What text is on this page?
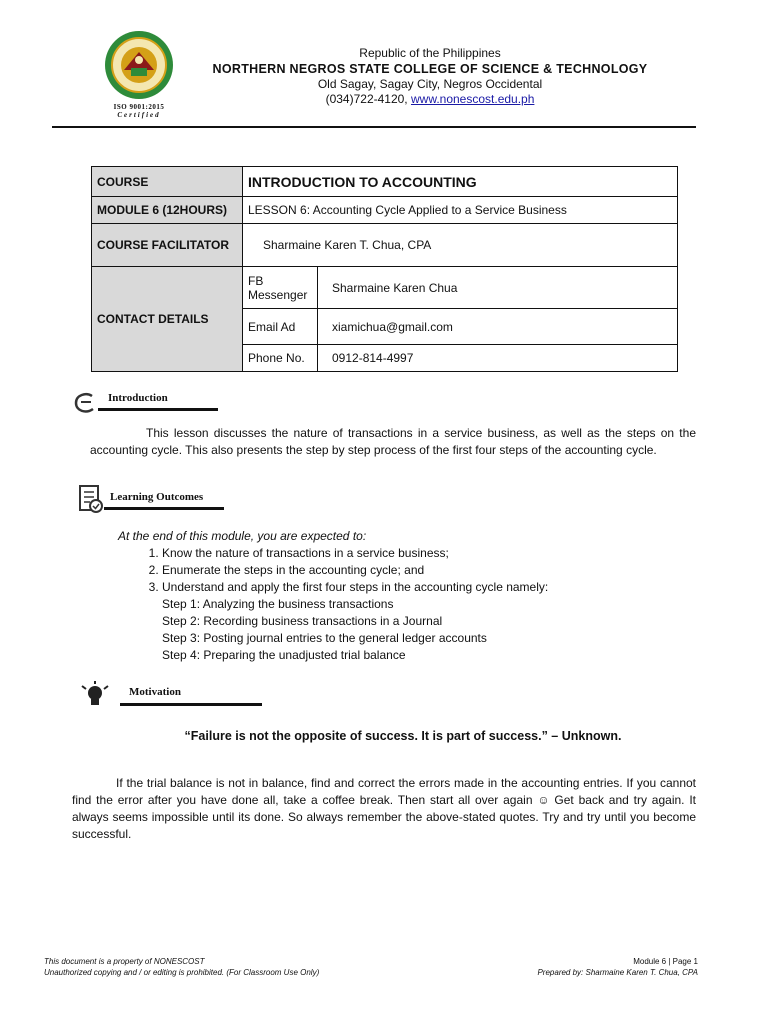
ISO 9001:2015
Certified
Republic of the Philippines
NORTHERN NEGROS STATE COLLEGE OF SCIENCE & TECHNOLOGY
Old Sagay, Sagay City, Negros Occidental
(034)722-4120, www.nonescost.edu.ph
COURSE	INTRODUCTION TO ACCOUNTING	
MODULE 6 (12HOURS)	LESSON 6: Accounting Cycle Applied to a Service Business	
COURSE FACILITATOR	Sharmaine Karen T. Chua, CPA	
CONTACT DETAILS	FB Messenger	Sharmaine Karen Chua
	Email Ad	xiamichua@gmail.com
	Phone No.	0912-814-4997
Introduction
This lesson discusses the nature of transactions in a service business, as well as the steps on the accounting cycle. This also presents the step by step process of the first four steps of the accounting cycle.
Learning Outcomes
At the end of this module, you are expected to:
1. Know the nature of transactions in a service business;
2. Enumerate the steps in the accounting cycle; and
3. Understand and apply the first four steps in the accounting cycle namely:
Step 1: Analyzing the business transactions
Step 2: Recording business transactions in a Journal
Step 3: Posting journal entries to the general ledger accounts
Step 4: Preparing the unadjusted trial balance
Motivation
“Failure is not the opposite of success. It is part of success.” – Unknown.
If the trial balance is not in balance, find and correct the errors made in the accounting entries. If you cannot find the error after you have done all, take a coffee break. Then start all over again ☺ Get back and try again. It always seems impossible until its done. So always remember the above-stated quotes. Try and try until you become successful.
This document is a property of NONESCOST
Unauthorized copying and / or editing is prohibited. (For Classroom Use Only)
Module 6 | Page 1
Prepared by: Sharmaine Karen T. Chua, CPA
